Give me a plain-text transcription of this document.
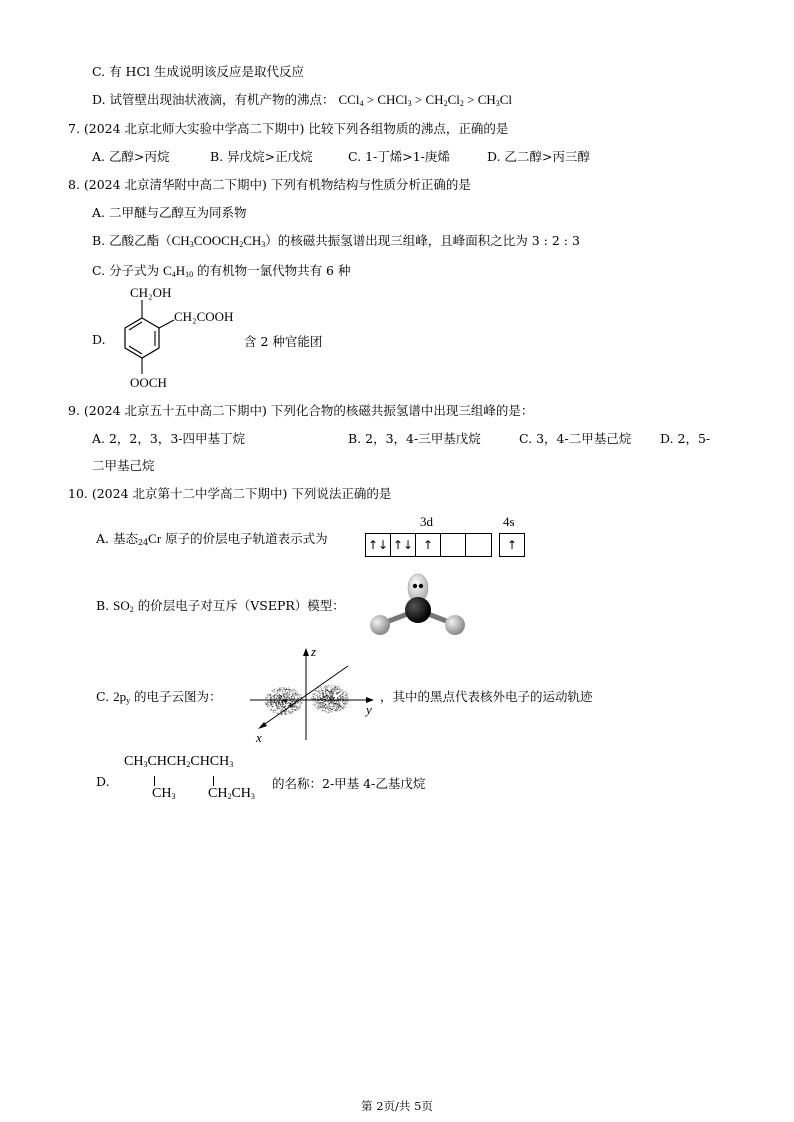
C. 有 HCl 生成说明该反应是取代反应
D. 试管壁出现油状液滴，有机产物的沸点： CCl$_4$ > CHCl$_3$ > $CH_2Cl_2 > CH_3Cl$
7. (2024 北京北师大实验中学高二下期中) 比较下列各组物质的沸点，正确的是
A. 乙醇>丙烷	B. 异戊烷>正戊烷	C. 1-丁烯>1-庚烯	D. 乙二醇>丙三醇
8. (2024 北京清华附中高二下期中) 下列有机物结构与性质分析正确的是
A. 二甲醚与乙醇互为同系物
B. 乙酸乙酯$(CH_3COOCH_2CH_3)$的核磁共振氢谱出现三组峰，且峰面积之比为 3 : 2 : 3
C. 分子式为 $C_4H_{10}$ 的有机物一氯代物共有 6 种
D.
CH₂OH
CH₂COOH
OOCH
含 2 种官能团
9. (2024 北京五十五中高二下期中) 下列化合物的核磁共振氢谱中出现三组峰的是：
A. 2，2，3，3-四甲基丁烷	B. 2，3，4-三甲基戊烷	C. 3，4-二甲基己烷 D. 2，5-
二甲基己烷
10. (2024 北京第十二中学高二下期中) 下列说法正确的是
A. 基态$_{24}$Cr 原子的价层电子轨道表示式为
3d	4s
↑↓ ↑↓ ↑	↑
B. $SO_2$ 的价层电子对互斥（VSEPR）模型：
C. $2p_y$ 的电子云图为：
z
y
x
，其中的黑点代表核外电子的运动轨迹
D.
$CH_3CHCH_2CHCH_3$
$CH_3$ $CH_2CH_3$
的名称：2-甲基 4-乙基戊烷
第 2页/共 5页
